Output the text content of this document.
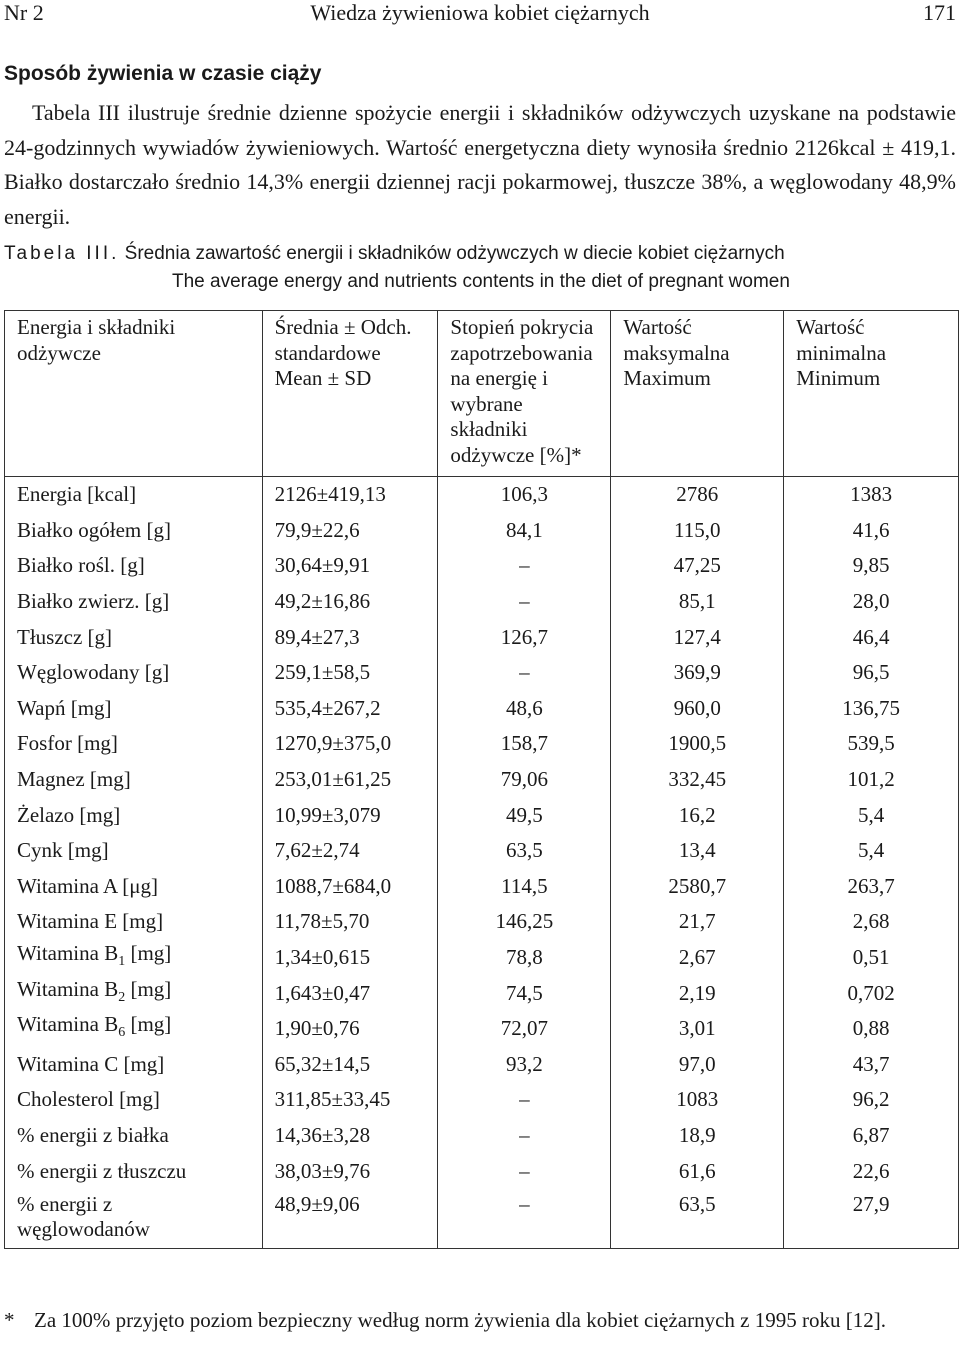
Nr 2	Wiedza żywieniowa kobiet ciężarnych	171
Sposób żywienia w czasie ciąży

Tabela III ilustruje średnie dzienne spożycie energii i składników odżywczych uzyskane na podstawie 24-godzinnych wywiadów żywieniowych. Wartość energetyczna diety wynosiła średnio 2126kcal ± 419,1. Białko dostarczało średnio 14,3% energii dziennej racji pokarmowej, tłuszcze 38%, a węglowodany 48,9% energii.

Tabela III. Średnia zawartość energii i składników odżywczych w diecie kobiet ciężarnych
The average energy and nutrients contents in the diet of pregnant women
Energia i składniki odżywcze	Średnia ± Odch. standardowe Mean ± SD	Stopień pokrycia zapotrzebowania na energię i wybrane składniki odżywcze [%]*	Wartość maksymalna Maximum	Wartość minimalna Minimum
Energia [kcal]	2126±419,13	106,3	2786	1383
Białko ogółem [g]	79,9±22,6	84,1	115,0	41,6
Białko rośl. [g]	30,64±9,91	–	47,25	9,85
Białko zwierz. [g]	49,2±16,86	–	85,1	28,0
Tłuszcz [g]	89,4±27,3	126,7	127,4	46,4
Węglowodany [g]	259,1±58,5	–	369,9	96,5
Wapń [mg]	535,4±267,2	48,6	960,0	136,75
Fosfor [mg]	1270,9±375,0	158,7	1900,5	539,5
Magnez [mg]	253,01±61,25	79,06	332,45	101,2
Żelazo [mg]	10,99±3,079	49,5	16,2	5,4
Cynk [mg]	7,62±2,74	63,5	13,4	5,4
Witamina A [μg]	1088,7±684,0	114,5	2580,7	263,7
Witamina E [mg]	11,78±5,70	146,25	21,7	2,68
Witamina $B_1$ [mg]	1,34±0,615	78,8	2,67	0,51
Witamina $B_2$ [mg]	1,643±0,47	74,5	2,19	0,702
Witamina $B_6$ [mg]	1,90±0,76	72,07	3,01	0,88
Witamina C [mg]	65,32±14,5	93,2	97,0	43,7
Cholesterol [mg]	311,85±33,45	–	1083	96,2
% energii z białka	14,36±3,28	–	18,9	6,87
% energii z tłuszczu	38,03±9,76	–	61,6	22,6
% energii z węglowodanów	48,9±9,06	–	63,5	27,9
* Za 100% przyjęto poziom bezpieczny według norm żywienia dla kobiet ciężarnych z 1995 roku [12].
